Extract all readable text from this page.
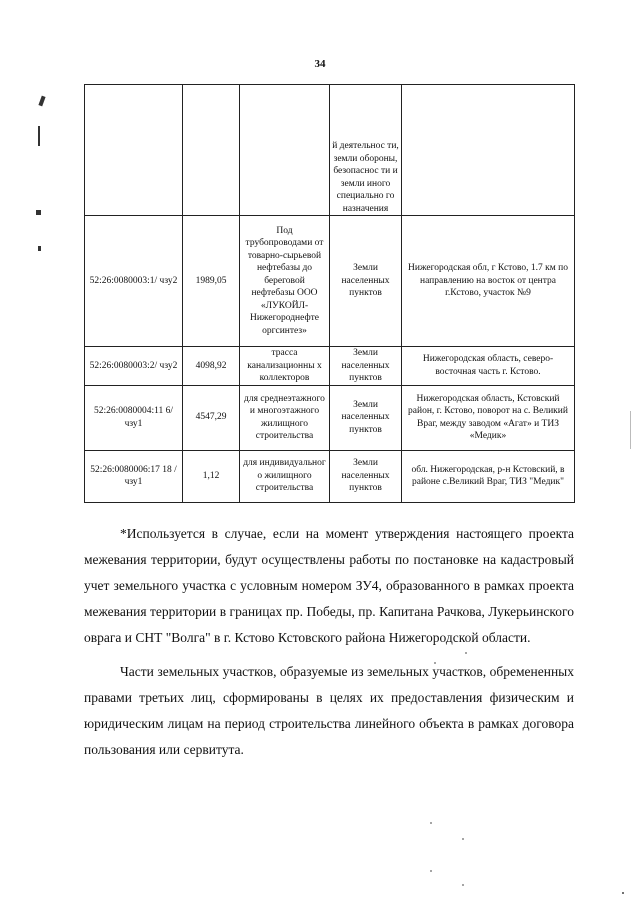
34
			й деятельнос ти, земли обороны, безопаснос ти и земли иного специально го назначения	
52:26:0080003:1/ чзу2	1989,05	Под трубопроводами от товарно-сырьевой нефтебазы до береговой нефтебазы ООО «ЛУКОЙЛ-Нижегороднефте оргсинтез»	Земли населенных пунктов	Нижегородская обл, г Кстово, 1.7 км по направлению на восток от центра г.Кстово, участок №9
52:26:0080003:2/ чзу2	4098,92	трасса канализационны х коллекторов	Земли населенных пунктов	Нижегородская область, северо-восточная часть г. Кстово.
52:26:0080004:11 6/чзу1	4547,29	для среднеэтажного и многоэтажного жилищного строительства	Земли населенных пунктов	Нижегородская область, Кстовский район, г. Кстово, поворот на с. Великий Враг, между заводом «Агат» и ТИЗ «Медик»
52:26:0080006:17 18 /чзу1	1,12	для индивидуальног о жилищного строительства	Земли населенных пунктов	обл. Нижегородская, р-н Кстовский, в районе с.Великий Враг, ТИЗ "Медик"

*Используется в случае, если на момент утверждения настоящего проекта межевания территории, будут осуществлены работы по постановке на кадастровый учет земельного участка с условным номером ЗУ4, образованного в рамках проекта межевания территории в границах пр. Победы, пр. Капитана Рачкова, Лукерьинского оврага и СНТ "Волга" в г. Кстово Кстовского района Нижегородской области.

Части земельных участков, образуемые из земельных участков, обремененных правами третьих лиц, сформированы в целях их предоставления физическим и юридическим лицам на период строительства линейного объекта в рамках договора пользования или сервитута.
